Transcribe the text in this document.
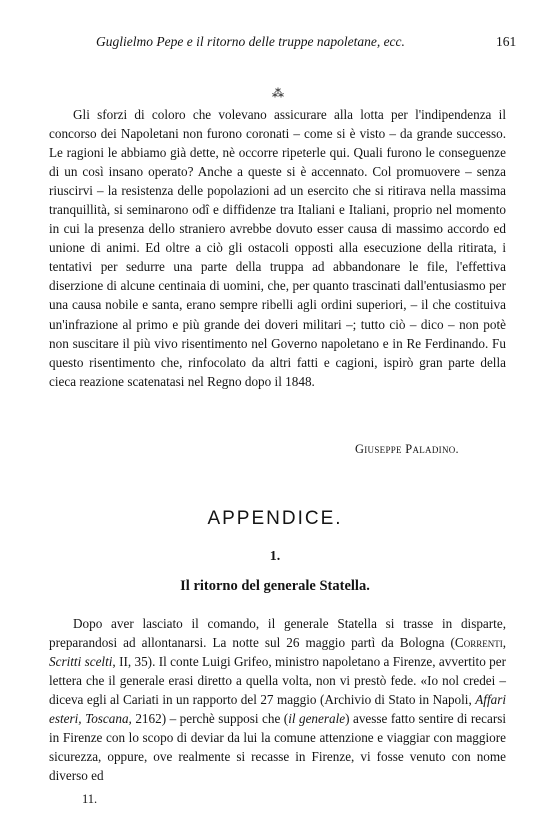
Guglielmo Pepe e il ritorno delle truppe napoletane, ecc.	161
⁂

Gli sforzi di coloro che volevano assicurare alla lotta per l'indipendenza il concorso dei Napoletani non furono coronati – come si è visto – da grande successo. Le ragioni le abbiamo già dette, nè occorre ripeterle qui. Quali furono le conseguenze di un così insano operato? Anche a queste si è accennato. Col promuovere – senza riuscirvi – la resistenza delle popolazioni ad un esercito che si ritirava nella massima tranquillità, si seminarono odî e diffidenze tra Italiani e Italiani, proprio nel momento in cui la presenza dello straniero avrebbe dovuto esser causa di massimo accordo ed unione di animi. Ed oltre a ciò gli ostacoli opposti alla esecuzione della ritirata, i tentativi per sedurre una parte della truppa ad abbandonare le file, l'effettiva diserzione di alcune centinaia di uomini, che, per quanto trascinati dall'entusiasmo per una causa nobile e santa, erano sempre ribelli agli ordini superiori, – il che costituiva un'infrazione al primo e più grande dei doveri militari –; tutto ciò – dico – non potè non suscitare il più vivo risentimento nel Governo napoletano e in Re Ferdinando. Fu questo risentimento che, rinfocolato da altri fatti e cagioni, ispirò gran parte della cieca reazione scatenatasi nel Regno dopo il 1848.

Giuseppe Paladino.
APPENDICE.
1.
Il ritorno del generale Statella.

Dopo aver lasciato il comando, il generale Statella si trasse in disparte, preparandosi ad allontanarsi. La notte sul 26 maggio partì da Bologna (Correnti, Scritti scelti, II, 35). Il conte Luigi Grifeo, ministro napoletano a Firenze, avvertito per lettera che il generale erasi diretto a quella volta, non vi prestò fede. «Io nol credei – diceva egli al Cariati in un rapporto del 27 maggio (Archivio di Stato in Napoli, Affari esteri, Toscana, 2162) – perchè supposi che (il generale) avesse fatto sentire di recarsi in Firenze con lo scopo di deviar da lui la comune attenzione e viaggiar con maggiore sicurezza, oppure, ove realmente si recasse in Firenze, vi fosse venuto con nome diverso ed

11.
